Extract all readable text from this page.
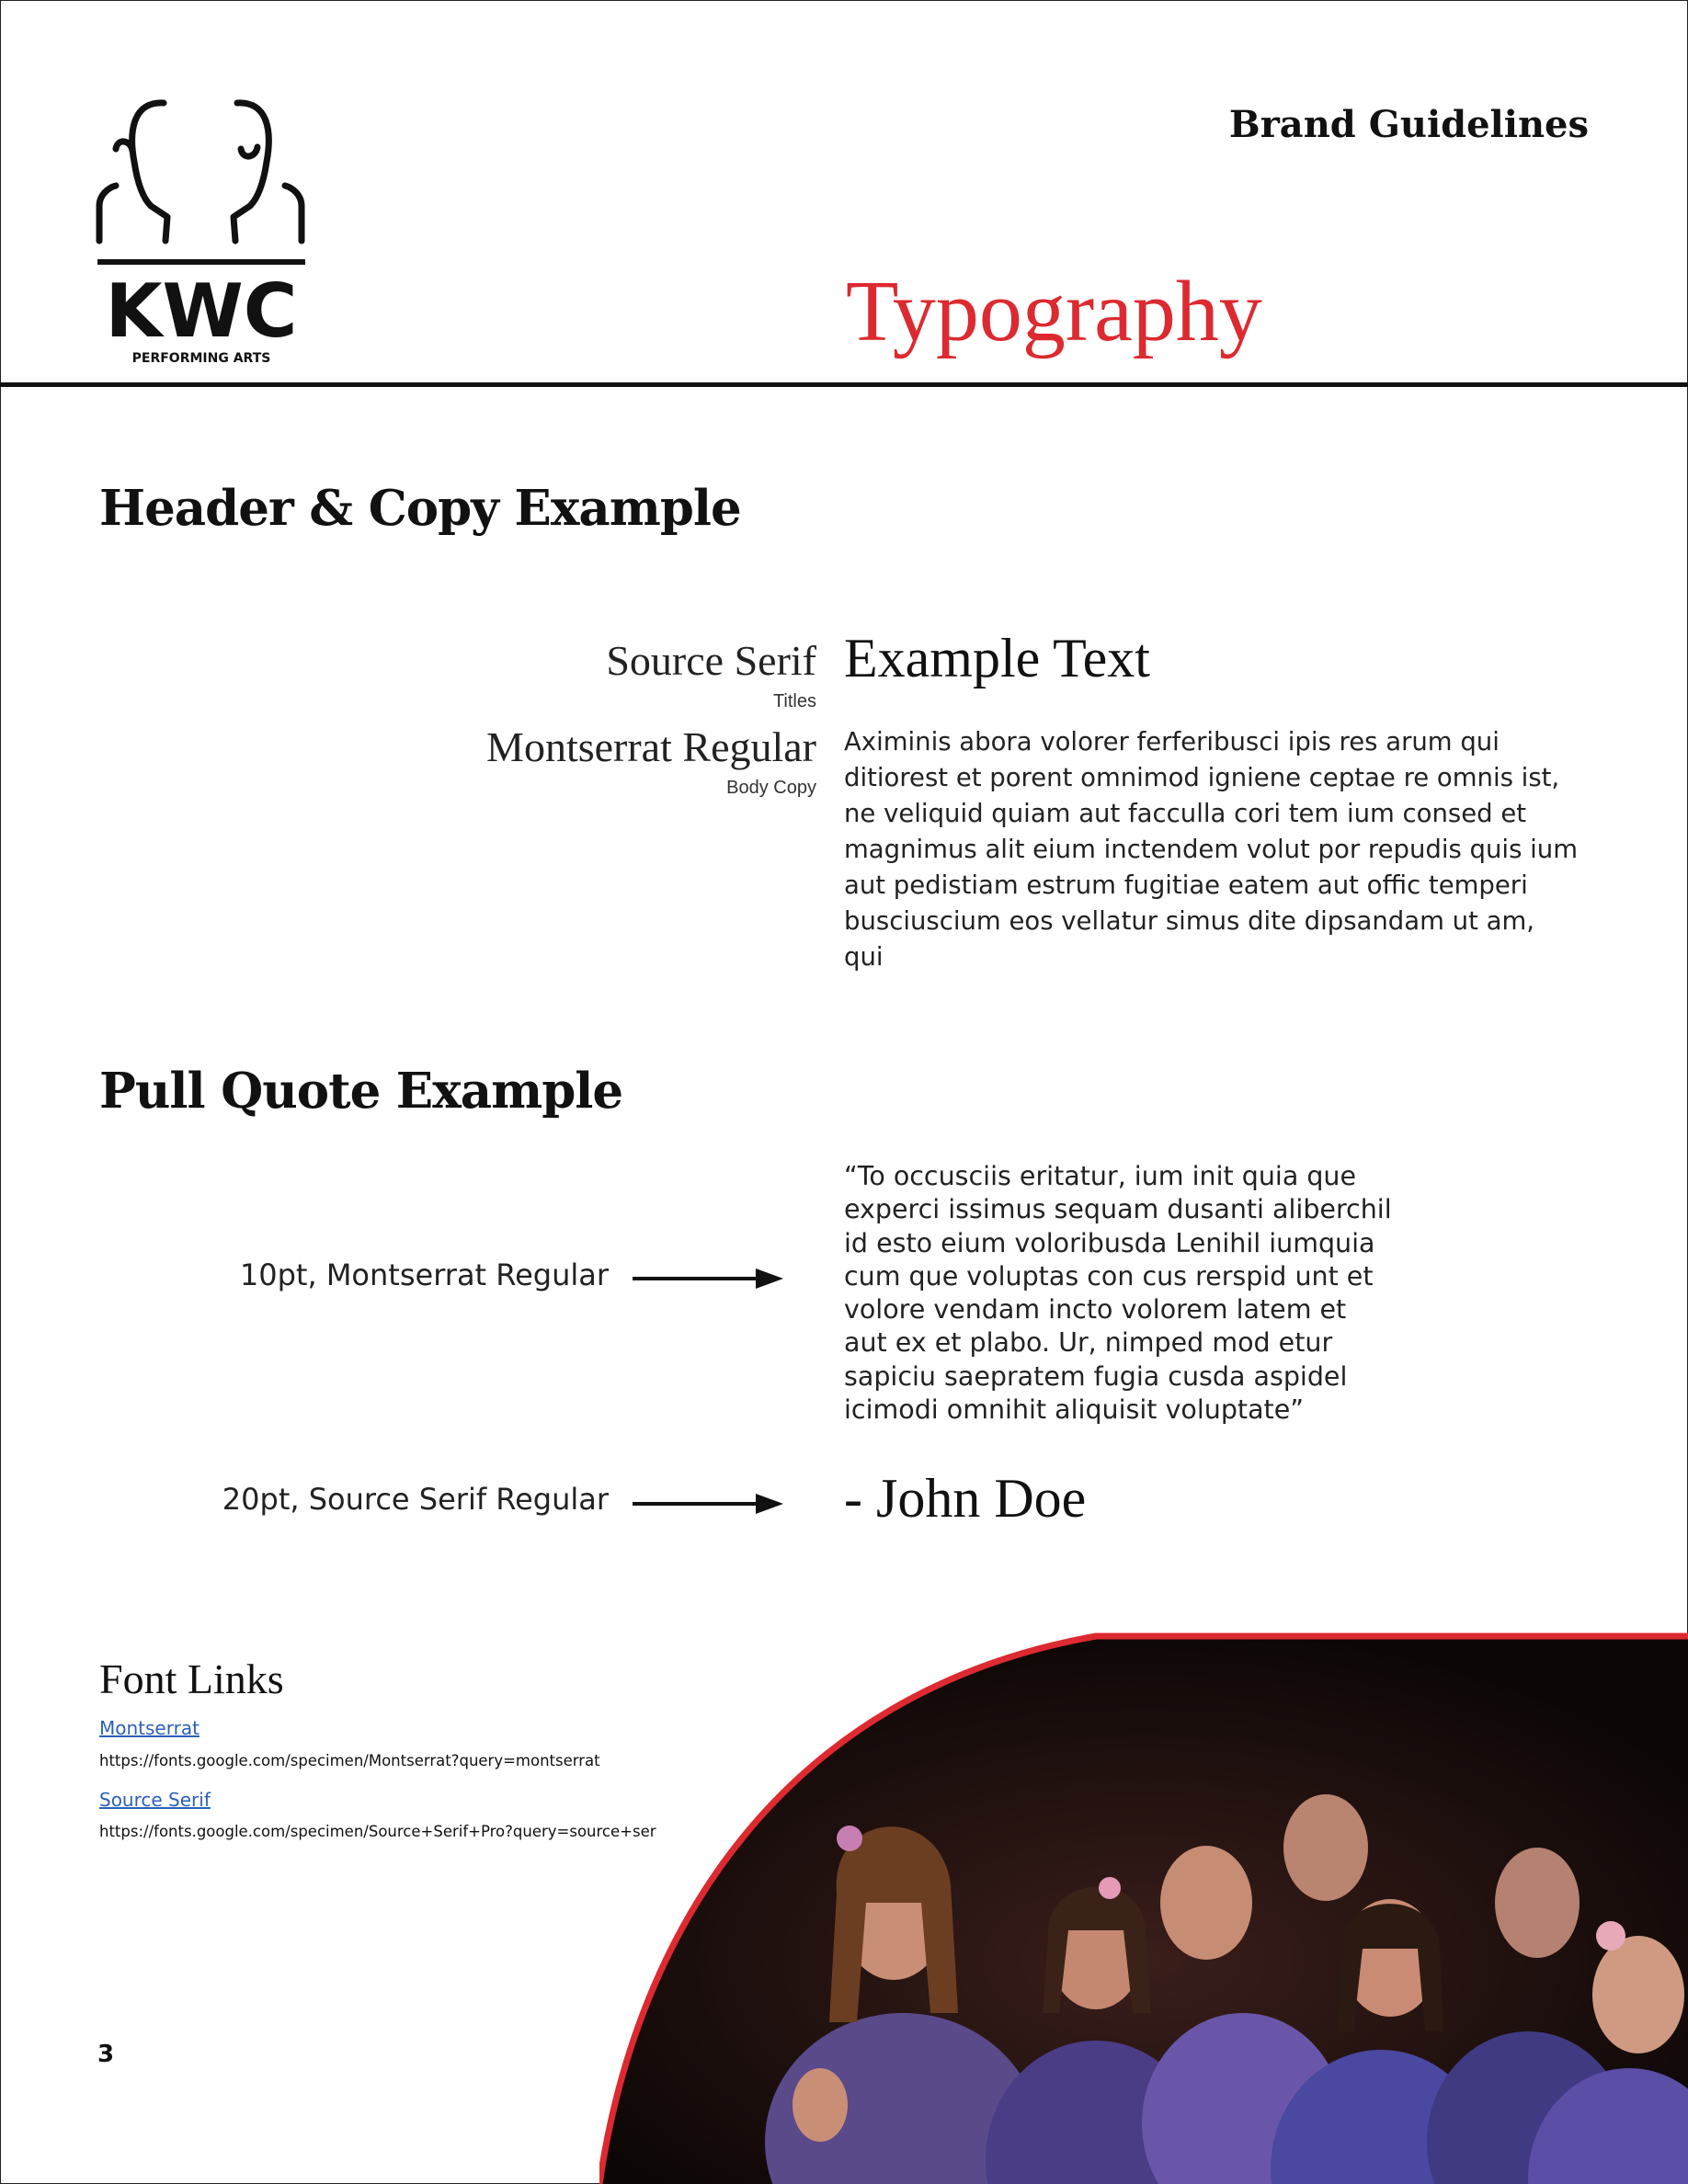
KWC
PERFORMING ARTS
Brand Guidelines
Typography
Header & Copy Example
Source Serif
Titles
Montserrat Regular
Body Copy
Example Text
Aximinis abora volorer ferferibusci ipis res arum qui ditiorest et porent omnimod igniene ceptae re omnis ist, ne veliquid quiam aut facculla cori tem ium consed et magnimus alit eium inctendem volut por repudis quis ium aut pedistiam estrum fugitiae eatem aut offic temperi busciuscium eos vellatur simus dite dipsandam ut am, qui
Pull Quote Example
10pt, Montserrat Regular
20pt, Source Serif Regular
“To occusciis eritatur, ium init quia que experci issimus sequam dusanti aliberchil id esto eium voloribusda Lenihil iumquia cum que voluptas con cus rerspid unt et volore vendam incto volorem latem et aut ex et plabo. Ur, nimped mod etur sapiciu saepratem fugia cusda aspidel icimodi omnihit aliquisit voluptate”
- John Doe
Font Links
Montserrat
https://fonts.google.com/specimen/Montserrat?query=montserrat
Source Serif
https://fonts.google.com/specimen/Source+Serif+Pro?query=source+ser
3
